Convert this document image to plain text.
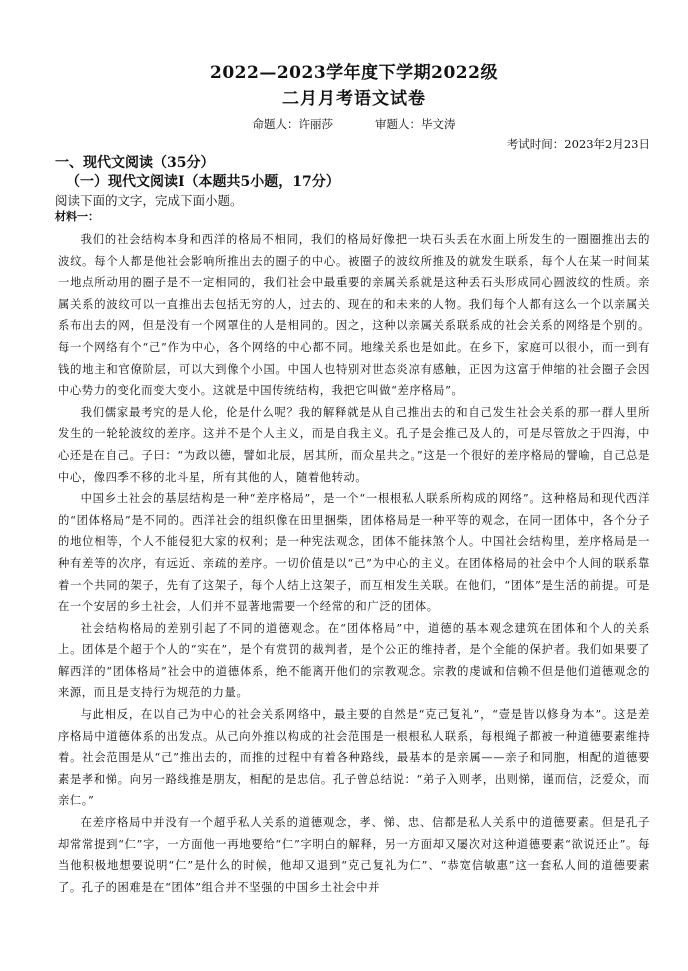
2022—2023学年度下学期2022级
二月月考语文试卷
命题人：许丽莎	审题人：毕文涛
考试时间：2023年2月23日
一、现代文阅读（35分）
（一）现代文阅读I（本题共5小题，17分）
阅读下面的文字，完成下面小题。
材料一：

我们的社会结构本身和西洋的格局不相同，我们的格局好像把一块石头丢在水面上所发生的一圈圈推出去的波纹。每个人都是他社会影响所推出去的圈子的中心。被圈子的波纹所推及的就发生联系，每个人在某一时间某一地点所动用的圈子是不一定相同的，我们社会中最重要的亲属关系就是这种丢石头形成同心圆波纹的性质。亲属关系的波纹可以一直推出去包括无穷的人，过去的、现在的和未来的人物。我们每个人都有这么一个以亲属关系布出去的网，但是没有一个网罩住的人是相同的。因之，这种以亲属关系联系成的社会关系的网络是个别的。每一个网络有个“己”作为中心，各个网络的中心都不同。地缘关系也是如此。在乡下，家庭可以很小，而一到有钱的地主和官僚阶层，可以大到像个小国。中国人也特别对世态炎凉有感触，正因为这富于伸缩的社会圈子会因中心势力的变化而变大变小。这就是中国传统结构，我把它叫做“差序格局”。

我们儒家最考究的是人伦，伦是什么呢？我的解释就是从自己推出去的和自己发生社会关系的那一群人里所发生的一轮轮波纹的差序。这并不是个人主义，而是自我主义。孔子是会推己及人的，可是尽管放之于四海，中心还是在自己。子曰：“为政以德，譬如北辰，居其所，而众星共之。”这是一个很好的差序格局的譬喻，自己总是中心，像四季不移的北斗星，所有其他的人，随着他转动。

中国乡土社会的基层结构是一种“差序格局”，是一个“一根根私人联系所构成的网络”。这种格局和现代西洋的“团体格局”是不同的。西洋社会的组织像在田里捆柴，团体格局是一种平等的观念，在同一团体中，各个分子的地位相等，个人不能侵犯大家的权利；是一种宪法观念，团体不能抹煞个人。中国社会结构里，差序格局是一种有差等的次序，有远近、亲疏的差序。一切价值是以“己”为中心的主义。在团体格局的社会中个人间的联系靠着一个共同的架子，先有了这架子，每个人结上这架子，而互相发生关联。在他们，“团体”是生活的前提。可是在一个安居的乡土社会，人们并不显著地需要一个经常的和广泛的团体。

社会结构格局的差别引起了不同的道德观念。在“团体格局”中，道德的基本观念建筑在团体和个人的关系上。团体是个超于个人的“实在”，是个有赏罚的裁判者，是个公正的维持者，是个全能的保护者。我们如果要了解西洋的“团体格局”社会中的道德体系，绝不能离开他们的宗教观念。宗教的虔诚和信赖不但是他们道德观念的来源，而且是支持行为规范的力量。

与此相反，在以自己为中心的社会关系网络中，最主要的自然是“克己复礼”，“壹是皆以修身为本”。这是差序格局中道德体系的出发点。从己向外推以构成的社会范围是一根根私人联系，每根绳子都被一种道德要素维持着。社会范围是从“己”推出去的，而推的过程中有着各种路线，最基本的是亲属——亲子和同胞，相配的道德要素是孝和悌。向另一路线推是朋友，相配的是忠信。孔子曾总结说：“弟子入则孝，出则悌，谨而信，泛爱众，而亲仁。”

在差序格局中并没有一个超乎私人关系的道德观念，孝、悌、忠、信都是私人关系中的道德要素。但是孔子却常常提到“仁”字，一方面他一再地要给“仁”字明白的解释，另一方面却又屡次对这种道德要素“欲说还止”。每当他积极地想要说明“仁”是什么的时候，他却又退到“克己复礼为仁”、“恭宽信敏惠”这一套私人间的道德要素了。孔子的困难是在“团体”组合并不坚强的中国乡土社会中并
